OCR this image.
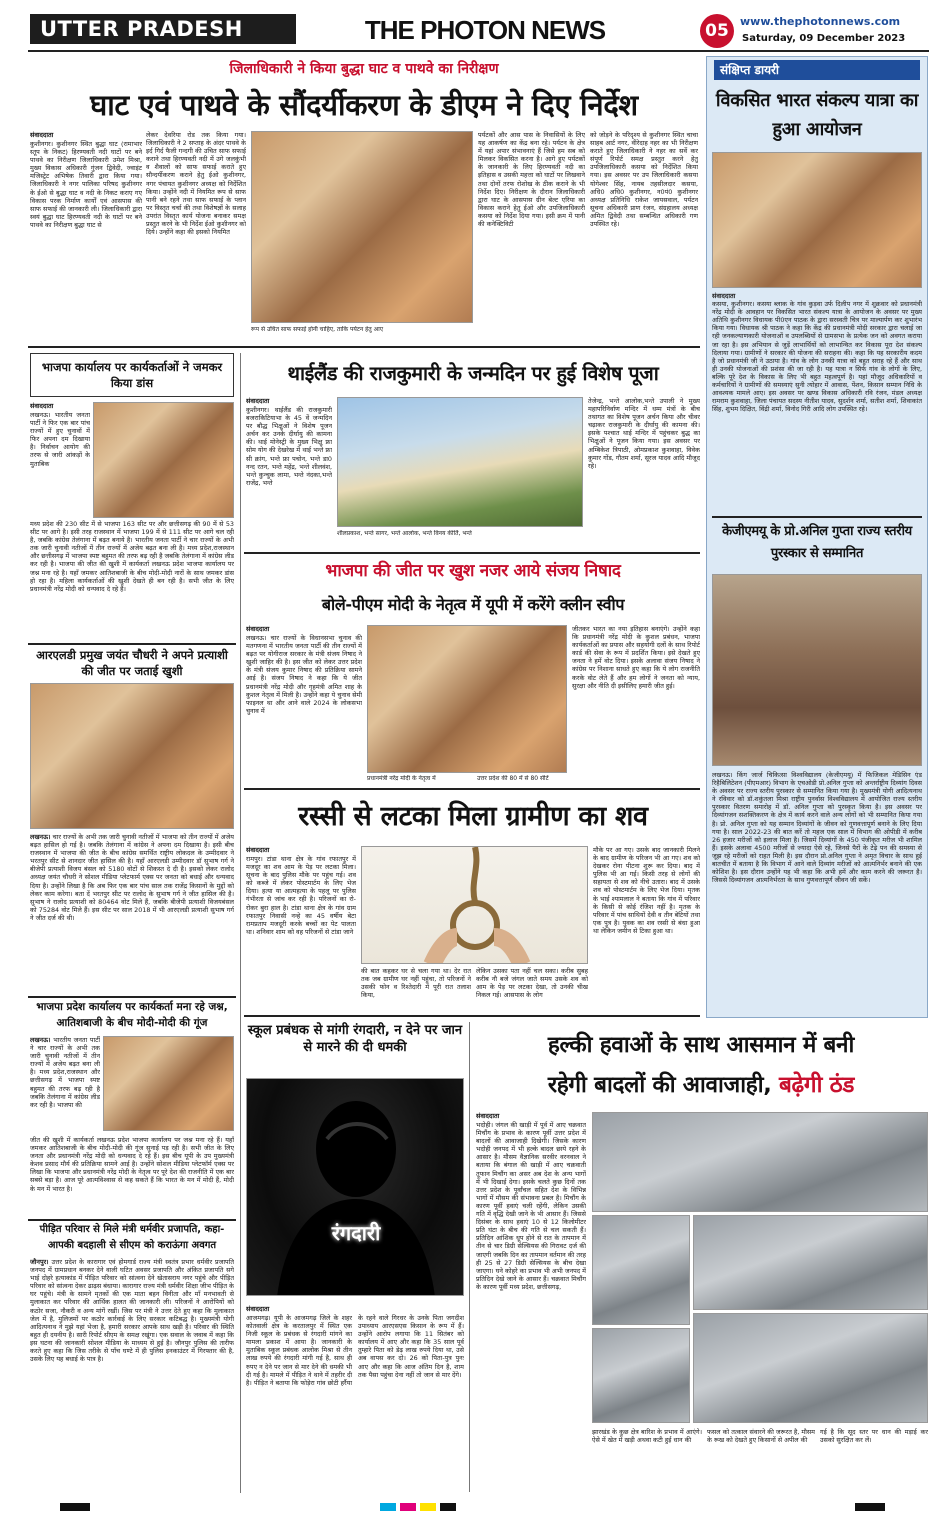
UTTER PRADESH	THE PHOTON NEWS	05	www.thephotonnews.com
Saturday, 09 December 2023
जिलाधिकारी ने किया बुद्धा घाट व पाथवे का निरीक्षण
घाट एवं पाथवे के सौंदर्यीकरण के डीएम ने दिए निर्देश
संवाददाता
कुशीनगर। कुशीनगर स्थित बुद्धा घाट (रामाभार स्तूप के निकट) हिरण्यवती नदी घाटों पर बने पाथवे का निरीक्षण जिलाधिकारी उमेश मिश्रा, मुख्य विकास अधिकारी गुंजन द्विवेदी, ज्वाइंट मजिस्ट्रेट अभिषेक तिवारी द्वारा किया गया। जिलाधिकारी ने नगर पालिका परिषद कुशीनगर के ईओ से बुद्धा घाट व नदी के निकट कराए गए विकास परक निर्माण कार्यों एवं आसपास की साफ सफाई की जानकारी ली। जिलाधिकारी द्वारा स्वयं बुद्धा घाट हिरण्यवती नदी के घाटों पर बने पाथवे का निरीक्षण बुद्धा घाट से
लेकर देवरिया रोड तक किया गया। जिलाधिकारी ने 2 सप्ताह के अंदर पाथवे के इर्द गिर्द फैली गन्दगी की उचित साफ सफाई कराने तथा हिरण्यवती नदी में उगे जलकुंभी व शैवालों को साफ सफाई कराते हुए सौन्दर्यीकरण कराने हेतु ईओ कुशीनगर, नगर पंचायत कुशीनगर अध्यक्ष को निर्देशित किया। उन्होंने नदी में नियमित रूप से साफ पानी बने रहने तथा साफ सफाई के प्लान पर विस्तृत चर्चा की तथा विशेषज्ञों के सलाह उपरांत विस्तृत कार्य योजना बनाकर समक्ष प्रस्तुत करने के भी निर्देश ईओ कुशीनगर को दिये। उन्होंने कहा की इसको नियमित
रूप से उचित साफ सफाई होनी चाहिए, ताकि पर्यटन हेतु आए
पर्यटकों और आस पास के निवासियों के लिए यह आकर्षण का केंद्र बना रहे। पर्यटन के क्षेत्र में यहां अपार संभावनाएं हैं जिसे हम सब को मिलकर विकसित करना है। आगे हुए पर्यटकों के जानकारी के लिए हिरण्यवती नदी का इतिहास व उसकी महत्ता को घाटों पर लिखवाने तथा दोनों तरफ रोशोख के ठीक कराने के भी निर्देश दिए। निरीक्षण के दौरान जिलाधिकारी द्वारा घाट के आसपास ग्रीन बेल्ट एरिया का विकास कराने हेतु ईओ और उपजिलाधिकारी कसया को निर्देश दिया गया। इसी क्रम में पानी की कनेक्टिविटी
को जोड़ने के परिदृश्य से कुशीनगर स्थित चाचा साहब आर्ट नगर, वीरेदाह नहर का भी निरीक्षण कराते हुए जिलाधिकारी ने नहर का सर्वे कर संपूर्ण रिपोर्ट समक्ष प्रस्तुत करने हेतु उपजिलाधिकारी कसया को निर्देशित किया गया। इस अवसर पर उप जिलाधिकारी कसया योगेश्वर सिंह, नायब तहसीलदार कसया, अधि0 अधि0 कुशीनगर, न0पं0 कुशीनगर अध्यक्ष प्रतिनिधि राकेश जायसवाल, पर्यटन सूचना अधिकारी प्राण रंजन, संग्रहालय अध्यक्ष अमित द्विवेदी तथा सम्बन्धित अधिकारी गण उपस्थित रहे।
भाजपा कार्यालय पर कार्यकर्ताओं ने जमकर किया डांस
संवाददाता
लखनऊ। भारतीय जनता पार्टी ने फिर एक बार पांच राज्यों में हुए चुनावों में फिर अपना दम दिखाया है। निर्वाचन आयोग की तरफ से जारी आंकड़ों के मुताबिक
मध्य प्रदेश की 230 सीट में से भाजपा 163 सीट पर और छत्तीसगढ़ की 90 में से 53 सीट पर आगे है। इसी तरह राजस्थान में भाजपा 199 में से 111 सीट पर आगे चल रही है, जबकि कांग्रेस तेलंगाना में बढ़त बनाये है। भारतीय जनता पार्टी ने चार राज्यों के अभी तक जारी चुनावी नतीजों में तीन राज्यों में अजेय बढ़त बना ली है। मध्य प्रदेश,राजस्थान और छत्तीसगढ़ में भाजपा स्पष्ट बहुमत की तरफ बढ़ रही है जबकि तेलंगाना में कांग्रेस लीड कर रही है। भाजपा की जीत की खुशी में कार्यकर्ता लखनऊ प्रदेश भाजपा कार्यालय पर जश्न मना रहे है। यहाँ जमकर आतिशबाजी के बीच मोदी-मोदी नारों के साथ जमकर डांस हो रहा है। महिला कार्यकर्ताओं की खुशी देखते ही बन रही है। सभी जीत के लिए प्रधानमंत्री नरेंद्र मोदी को धन्यवाद दे रहे हैं।
आरएलडी प्रमुख जयंत चौधरी ने अपने प्रत्याशी की जीत पर जताई खुशी
लखनऊ। चार राज्यों के अभी तक जारी चुनावी नतीजों में भाजपा को तीन राज्यों में अजेय बढ़त हासिल हो गई है। जबकि तेलंगाना में कांग्रेस ने अपना दम दिखाया है। इसी बीच राजस्थान में भाजपा की जीत के बीच कांग्रेस समर्थित राष्ट्रीय लोकदल के उम्मीदवार ने भरतपुर सीट से शानदार जीत हासिल की है। यहाँ आरएलडी उम्मीदवार डॉ सुभाष गर्ग ने बीजेपी प्रत्याशी विजय बंसल को 5180 वोटों से शिकस्त दे दी है। इसको लेकर रालोद अध्यक्ष जयंत चौधरी ने सोशल मीडिया प्लेटफार्म एक्स पर जनता को बधाई और धन्यवाद दिया है। उन्होंने लिखा है कि अब फिर एक बार पांच साल तक राजेंद्र किसानों के मुद्दों को लेकर काम करेगा। बता दें भरतपुर सीट पर रालोद के सुभाष गर्ग ने जीत हासिल की है। सुभाष ने रालोद प्रत्याशी को 80464 वोट मिले हैं, जबकि बीजेपी प्रत्याशी विजयबंसल को 75284 वोट मिले हैं। इस सीट पर साल 2018 में भी आरएलडी प्रत्याशी सुभाष गर्ग ने जीत दर्ज की थी।
भाजपा प्रदेश कार्यालय पर कार्यकर्ता मना रहे जश्न, आतिशबाजी के बीच मोदी-मोदी की गूंज
लखनऊ। भारतीय जनता पार्टी ने चार राज्यों के अभी तक जारी चुनावी नतीजों में तीन राज्यों में अजेय बढ़त बना ली है। मध्य प्रदेश,राजस्थान और छत्तीसगढ़ में भाजपा स्पष्ट बहुमत की तरफ बढ़ रही है जबकि तेलंगाना में कांग्रेस लीड कर रही है। भाजपा की
जीत की खुशी में कार्यकर्ता लखनऊ प्रदेश भाजपा कार्यालय पर जश्न मना रहे हैं। यहाँ जमकर आतिशबाजी के बीच मोदी-मोदी की गूंज सुनाई पड़ रही है। सभी जीत के लिए जनता और प्रधानमंत्री नरेंद्र मोदी को धन्यवाद दे रहे हैं। इस बीच यूपी के उप मुख्यमंत्री केशव प्रसाद मौर्य की प्रतिक्रिया सामने आई है। उन्होंने सोशल मीडिया प्लेटफॉर्म एक्स पर लिखा कि भाजपा और प्रधानमंत्री नरेंद्र मोदी के नेतृत्व पर पूरे देश की राजनीति में एक बार सबसे बड़ा है। आज पूरे आत्मविश्वास से कह सकते हैं कि भारत के मन में मोदी हैं, मोदी के मन में भारत है।
पीड़ित परिवार से मिले मंत्री धर्मवीर प्रजापति, कहा- आपकी बदहाली से सीएम को कराऊंगा अवगत
जौनपुर। उत्तर प्रदेश के कारागार एवं होमगार्ड राज्य मंत्री स्वतंत्र प्रभार धर्मवीर प्रजापति जनपद में ग्रामप्रधान बनकर देने वाली घटित अवसर प्रजापति और अंकित प्रजापति सगे भाई दोहरे हत्याकांड में पीड़ित परिवार को सांत्वना देने खेतासराय नगर पहुंचे और पीड़ित परिवार को सांत्वना देकर ढाढ़स बंधाया। कारागार राज्य मंत्री धर्मवीर शिक्षा जीभ पीड़ित के घर पहुंचे। मंत्री के सामने मृतकों की एक माता बहन विनीता और माँ मनभावती से मुलाकात कर परिवार की आर्थिक हालत की जानकारी ली। परिजनों ने आरोपियों को कठोर सजा, नौकरी व अन्य मांगें रखीं। जिस पर मंत्री ने उत्तर देते हुए कहा कि मुलाकात जेल में है, मुलिजमों पर कठोर कार्रवाई के लिए सरकार कटिबद्ध है। मुख्यमंत्री योगी आदित्यनाथ ने मुझे यहां भेजा है, हमारी सरकार आपके साथ खड़ी है। परिवार की स्थिति बहुत ही दयनीय है। सारी रिपोर्ट सीएम के समक्ष रखूंगा। एक सवाल के जवाब में कहा कि इस घटना की जानकारी सोशल मीडिया के माध्यम से हुई है। जौनपुर पुलिस की तारीफ करते हुए कहा कि जिस तरीके से पाँच घण्टे में ही पुलिस इनकाउंटर में गिरफ्तार की है, उसके लिए यह बधाई के पात्र है।
थाईलैंड की राजकुमारी के जन्मदिन पर हुई विशेष पूजा
संवाददाता
कुशीनगर। थाईलैंड की राजकुमारी बजराकिटियाभा के 45 वें जन्मदिन पर बौद्ध भिक्षुओं ने विशेष पूजन अर्चन कर उनके दीर्घायु की कामना की। थाई मोनेस्ट्री के मुख्य भिक्षु फ्रा सोम योग की देखरेख में थाई भन्ते फ्रा सी क्रांग, भन्ते फ्रा पचोन, भन्ते डा0 नन्द रतन, भन्ते महेंद्र, भन्ते शीलवंश, भन्ते कुन्चुक लामा, भन्ते नंदका,भन्ते राजेंद्र, भन्ते
शीलप्रकाश, भन्ते सागर, भन्ते आलोक, भन्ते विनय कीर्ति, भन्ते
तेजेन्द्र, भन्ते आलोक,भन्ते उपाली ने मुख्य महापरिनिर्वाण मन्दिर में धम्म मंत्रों के बीच तथागत का विशेष पूजन अर्चन किया और चीवर चढ़ाकर राजकुमारी के दीर्घायु की कामना की। इसके पश्चात थाई मन्दिर में पहुंचकर बुद्ध का भिक्षुओं ने पूजन किया गया। इस अवसर पर अम्बिकेश त्रिपाठी, ओमप्रकाश कुशवाहा, विवेक कुमार गोंड, गौतम शर्मा, सूरज यादव आदि मौजूद रहे।
भाजपा की जीत पर खुश नजर आये संजय निषाद
बोले-पीएम मोदी के नेतृत्व में यूपी में करेंगे क्लीन स्वीप
संवाददाता
लखनऊ। चार राज्यों के विधानसभा चुनाव की मतगणना में भारतीय जनता पार्टी की तीन राज्यों में बढ़त पर योगीराज सरकार के मंत्री संजय निषाद ने खुशी जाहिर की है। इस जीत को लेकर उत्तर प्रदेश के मंत्री संजय कुमार निषाद की प्रतिक्रिया सामने आई है। संजय निषाद ने कहा कि ये जीत प्रधानमंत्री नरेंद्र मोदी और गृहमंत्री अमित शाह के कुशल नेतृत्व में मिली है। उन्होंने कहा ये चुनाव सेमी फाइनल था और आने वाले 2024 के लोकसभा चुनाव में
प्रधानमंत्री नरेंद्र मोदी के नेतृत्व में	उत्तर प्रदेश की 80 में से 80 सीटें
जीतकर भारत का नया इतिहास बनाएंगे। उन्होंने कहा कि प्रधानमंत्री नरेंद्र मोदी के कुशल प्रबंधन, भाजपा कार्यकर्ताओं का प्रयास और सहयोगी दलों के साथ रिपोर्ट कार्ड की सेवा के रूप में प्रदर्शित किया। इसे देखते हुए जनता ने हमें वोट दिया। इसके अलावा संजय निषाद ने कांग्रेस पर निशाना साधते हुए कहा कि ये लोग राजनीति करके वोट लेते हैं और हम लोगों ने जनता को न्याय, सुरक्षा और नीति दी इसीलिए हमारी जीत हुई।
रस्सी से लटका मिला ग्रामीण का शव
संवाददाता
रामपुर। टांडा थाना क्षेत्र के गांव रफातपुर में मजदूर का शव आम के पेड़ पर लटका मिला। सूचना के बाद पुलिस मौके पर पहुंच गई। शव को कब्जे में लेकर पोस्टमार्टम के लिए भेज दिया। हत्या या आत्महत्या के पहलू पर पुलिस गंभीरता से जांच कर रही है। परिजनों का रो-रोकर बुरा हाल है। टांडा थाना क्षेत्र के गांव ग्राम रफातपुर निवासी नन्हे का 45 वर्षीय बेटा रामप्रताप मजदूरी करके बच्चों का पेट पालता था। शनिवार शाम को वह परिजनों से टांडा जाने
की बात कहकर घर से चला गया था। देर रात तक जब ग्रामीण घर नहीं पहुंचा, तो परिजनों ने उसकी फोन व रिश्तेदारी में पूरी रात तलाश किया,
लेकिन उसका पता नहीं चल सका। करीब सुबह करीब नौ बजे जंगल जाते समय उसके शव को आम के पेड़ पर लटका देखा, तो उनकी चीख निकल गई। आसपास के लोग
मौके पर आ गए। उसके बाद जानकारी मिलने के बाद ग्रामीण के परिजन भी आ गए। शव को देखकर रोना पीटना शुरू कर दिया। बाद में पुलिस भी आ गई। किसी तरह से लोगों की सहायता से शव को नीचे उतारा। बाद में उसके शव को पोस्टमार्टम के लिए भेज दिया। मृतक के भाई श्यामलाल ने बताया कि गांव में परिवार के किसी से कोई रंजिश नहीं है। मृतक के परिवार में पांच साथियों देवी व तीन बेटियों तथा एक पुत्र है। युवक का शव रस्सी से बंधा हुआ था लेकिन जमीन से टिका हुआ था।
स्कूल प्रबंधक से मांगी रंगदारी, न देने पर जान से मारने की दी धमकी
रंगदारी
संवाददाता
आजमगढ़। यूपी के आजमगढ़ जिले के शहर कोतवाली क्षेत्र के करतालपुर में स्थित एक निजी स्कूल के प्रबंधक से रंगदारी मांगने का मामला प्रकाश में आया है। जानकारी के मुताबिक स्कूल प्रबंधक आलोक मिश्रा से तीन लाख रुपये की रंगदारी मांगी गई है, साथ ही रुपए न देने पर जान से मार देने की धमकी भी दी गई है। मामले में पीड़ित ने थाने में तहरीर दी है। पीड़ित ने बताया कि फोड़ेरा गांव छोटी हर्रैया के रहने वाले गिरधर के उनके पिता जगदीश उपाध्याय आरएसएस किसान के रूप में हैं। उन्होंने आरोप लगाया कि 11 सितंबर को कार्यालय में आए और कहा कि 35 साल पूर्व तुम्हारे पिता को डेढ़ लाख रुपये दिया था, उसे अब वापस कर दो। 26 को पिता-पुत्र पुनः आए और कहा कि आज अंतिम दिन है, शाम तक पैसा पहुंचा देना नहीं तो जान से मार देंगे।
हल्की हवाओं के साथ आसमान में बनी
रहेगी बादलों की आवाजाही, बढ़ेगी ठंड
संवाददाता
भदोही। जंगल की खाड़ी में पूर्व में आए चक्रवात मिचौंग के प्रभाव के कारण पूर्वी उत्तर प्रदेश में बादलों की आवाजाही दिखेगी। जिसके कारण भदोही जनपद में भी हल्के बादल छाये रहने के आसार है। मौसम वैज्ञानिक सरवीर वरनवाल ने बताया कि बंगाल की खाड़ी में आए चक्रवाती तूफान मिचौंग का असर अब देश के अन्य भागों में भी दिखाई देगा। इसके चलते कुछ दिनों तक उत्तर प्रदेश के पूर्वांचल सहित देश के विभिन्न भागों में मौसम की संभावना प्रबल है। मिचौंग के कारण पूर्वी हवाएं चली रहेंगी, लेकिन उसकी गति में वृद्धि देखी जाने के भी आसार हैं। जिससे दिसंबर के साथ हवाएं 10 से 12 किलोमीटर प्रति घंटा के बीच की गति से चल सकती हैं। प्रतिदिन आंशिक धूप होने से रात के तापमान में तीन से चार डिग्री सेल्सियस की गिरावट दर्ज की जाएगी जबकि दिन का तापमान वर्तमान की तरह ही 25 से 27 डिग्री सेल्सियस के बीच देखा जाएगा। घने कोहरे का प्रभाव भी अभी जनपद में प्रतिदिन देखे जाने के आसार हैं। चक्रवात मिचौंग के कारण पूर्वी मध्य प्रदेश, छत्तीसगढ़,
झारखंड के कुछ क्षेत्र बारिश के प्रभाव में आएंगे। ऐसे में खेत में खड़ी अथवा कटी हुई धान की
फसल को तत्काल संवारने की जरूरत है, मौसम के रूख को देखते हुए किसानों से अपील की
गई है कि सूद स्तर पर धान की मड़ाई कर उसको सुरक्षित कर लें।
संक्षिप्त डायरी
विकसित भारत संकल्प यात्रा का हुआ आयोजन
संवाददाता
कसया, कुशीनगर। कसया ब्लाक के गांव कुड़वा उर्फ दिलीप नगर में शुक्रवार को प्रधानमंत्री नरेंद्र मोदी के आवहान पर विकसित भारत संकल्प यात्रा के आयोजन के अवसर पर मुख्य अतिथि कुशीनगर विधायक पी0एन पाठक के द्वारा सरस्वती चित्र पर माल्यार्पण कर शुभारंभ किया गया। विधायक श्री पाठक ने कहा कि केंद्र की प्रधानमंत्री मोदी सरकार द्वारा चलाई जा रही जनकल्याणकारी योजनाओं व उपलब्धियों से ग्रामसभा के प्रत्येक जन को अवगत कराया जा रहा है। इस अभियान से जुड़ें लाभार्थियों को लाभान्वित कर विकास पूरा देश संकल्प दिलाया गया। ग्रामीणों ने सरकार की योजना की सराहना की। कहा कि यह सरकारीय कदम है जो प्रधानमंत्री जी ने उठाया है। गांव के लोग उनकी यात्रा को बहुत सराह रहे हैं और साथ ही उनकी योजनाओं की प्रशंसा की जा रही है। यह यात्रा न सिर्फ गांव के लोगों के लिए, बल्कि पूरे देश के विकास के लिए भी बहुत महत्वपूर्ण है। यहां मौजूद अधिकारियों व कर्मचारियों ने ग्रामीणों की समस्याएं सुनी त्योहार में आवास, पेंशन, किसान सम्मान निधि के आवश्यक मामले आए। इस अवसर पर खण्ड विकास अधिकारी रवि रंजन, मंडल अध्यक्ष रामराम कुशवाहा, जिला पंचायत सदस्य नीतीश यादव, सुदर्शन शर्मा, सतीश शर्मा, शिवाकांत सिंह, शुभम दिक्षित, विंद्री शर्मा, विनोद गिरी आदि लोग उपस्थित रहे।
केजीएमयू के प्रो.अनिल गुप्ता राज्य स्तरीय पुरस्कार से सम्मानित
लखनऊ। किंग जार्ज चिकित्सा विश्वविद्यालय (केजीएमयू) में फिजिकल मेडिसिन एंड रिहैबिलिटेशन (पीएमआर) विभाग के एचओडी प्रो.अनिल गुप्ता को अन्तर्राष्ट्रीय दिव्यांग दिवस के अवसर पर राज्य स्तरीय पुरस्कार से सम्मानित किया गया है। मुख्यमंत्री योगी आदित्यनाथ ने रविवार को डॉ.शकुंतला मिश्रा राष्ट्रीय पुनर्वास विश्वविद्यालय में आयोजित राज्य स्तरीय पुरस्कार वितरण समारोह में डॉ. अनिल गुप्ता को पुरस्कृत किया है। इस अवसर पर दिव्यांगजन सशक्तिकरण के क्षेत्र में कार्य करने वाले अन्य लोगों को भी सम्मानित किया गया है। प्रो. अनिल गुप्ता को यह सम्मान दिव्यांगों के जीवन को गुणवत्तापूर्ण बनाने के लिए दिया गया है। साल 2022-23 की बात करें तो महज एक साल में विभाग की ओपीडी में करीब 26 हजार मरीजों को इलाज मिला है। जिसमें दिव्यांगों के 450 पंजीकृत मरीज भी शामिल हैं। इसके अलावा 4500 मरीजों से ज्यादा ऐसे रहे, जिनसे पैरों के टेढ़े पन की समस्या से जूझ रहे मरीजों को राहत मिली है। इस दौरान प्रो.अनिल गुप्ता ने अमृत विचार के साथ हुई बातचीत में बताया है कि विभाग में आने वाले दिव्यांग मरीजों को आत्मनिर्भर बनाने की एक कोशिश है। इस दौरान उन्होंने यह भी कहा कि अभी हमें और काम करने की जरूरत है। जिससे दिव्यांगजन आत्मनिर्भरता के साथ गुणवत्तापूर्ण जीवन जी सकें।
